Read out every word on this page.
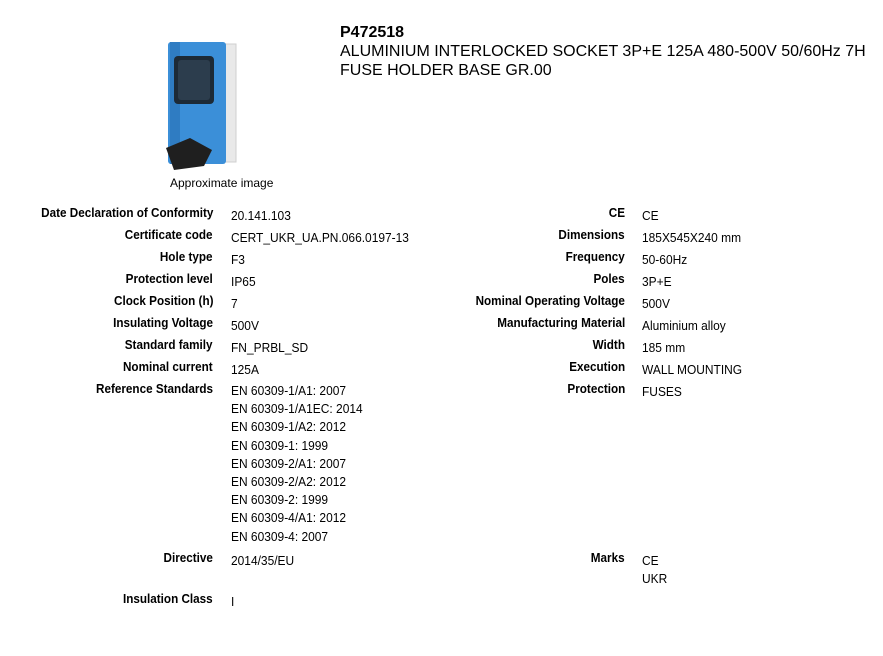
P472518
ALUMINIUM INTERLOCKED SOCKET 3P+E 125A 480-500V 50/60Hz 7H FUSE HOLDER BASE GR.00
Approximate image
Date Declaration of Conformity 20.141.103
Certificate code CERT_UKR_UA.PN.066.0197-13
Hole type F3
Protection level IP65
Clock Position (h) 7
Insulating Voltage 500V
Standard family FN_PRBL_SD
Nominal current 125A
Reference Standards EN 60309-1/A1: 2007
EN 60309-1/A1EC: 2014
EN 60309-1/A2: 2012
EN 60309-1: 1999
EN 60309-2/A1: 2007
EN 60309-2/A2: 2012
EN 60309-2: 1999
EN 60309-4/A1: 2012
EN 60309-4: 2007
Directive 2014/35/EU
Insulation Class I
CE CE
Dimensions 185X545X240 mm
Frequency 50-60Hz
Poles 3P+E
Nominal Operating Voltage 500V
Manufacturing Material Aluminium alloy
Width 185 mm
Execution WALL MOUNTING
Protection FUSES
Marks CE
UKR
